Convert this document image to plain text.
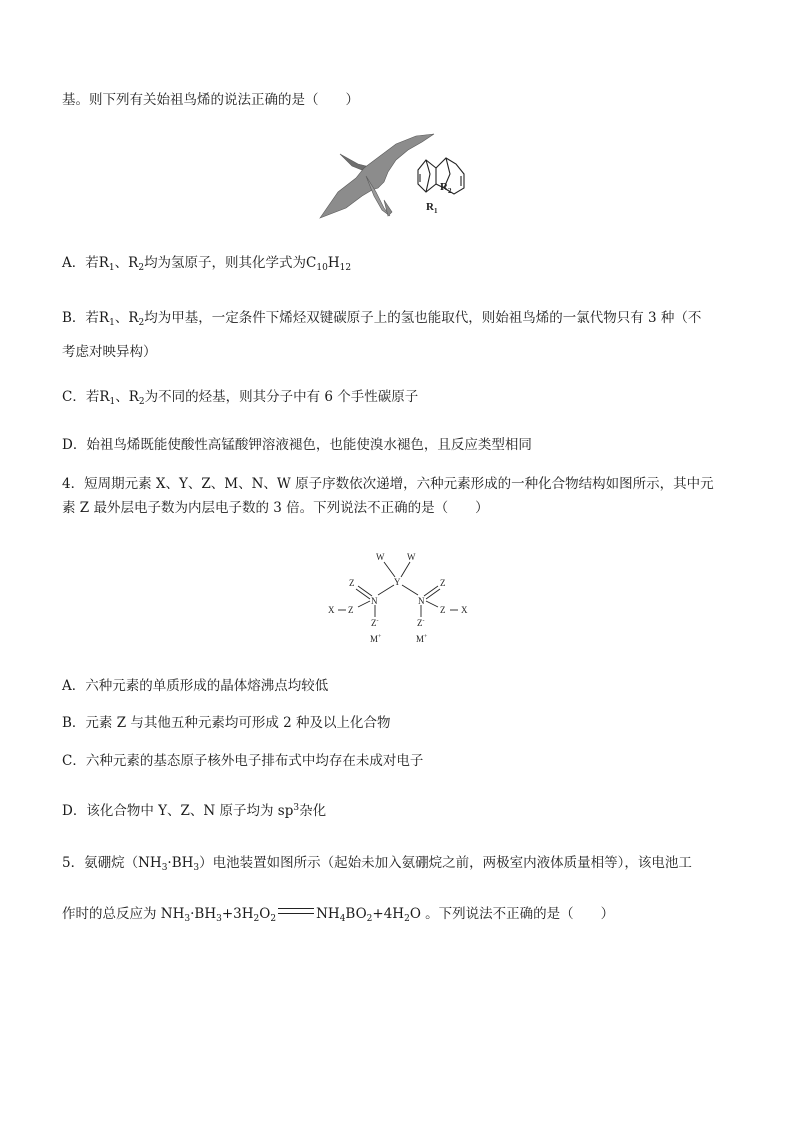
基。则下列有关始祖鸟烯的说法正确的是（　　）
$R_2$
$R_1$
A．若$R_1$、$R_2$均为氢原子，则其化学式为$C_{10}H_{12}$
B．若$R_1$、$R_2$均为甲基，一定条件下烯烃双键碳原子上的氢也能取代，则始祖鸟烯的一氯代物只有 3 种（不
考虑对映异构）
C．若$R_1$、$R_2$为不同的烃基，则其分子中有 6 个手性碳原子
D．始祖鸟烯既能使酸性高锰酸钾溶液褪色，也能使溴水褪色，且反应类型相同
4．短周期元素 X、Y、Z、M、N、W 原子序数依次递增，六种元素形成的一种化合物结构如图所示，其中元
素 Z 最外层电子数为内层电子数的 3 倍。下列说法不正确的是（　　）
W	W
Y
N	N
Z	Z
X Z	Z X
Z-	Z-
M+	M+
A．六种元素的单质形成的晶体熔沸点均较低
B．元素 Z 与其他五种元素均可形成 2 种及以上化合物
C．六种元素的基态原子核外电子排布式中均存在未成对电子
D．该化合物中 Y、Z、N 原子均为 $sp^3$杂化
5．氨硼烷$(NH_3\cdot BH_3)$电池装置如图所示（起始未加入氨硼烷之前，两极室内液体质量相等），该电池工
作时的总反应为 $NH_3\cdot BH_3+3H_2O_2$	$NH_4BO_2+4H_2O$ 。下列说法不正确的是（　　）
